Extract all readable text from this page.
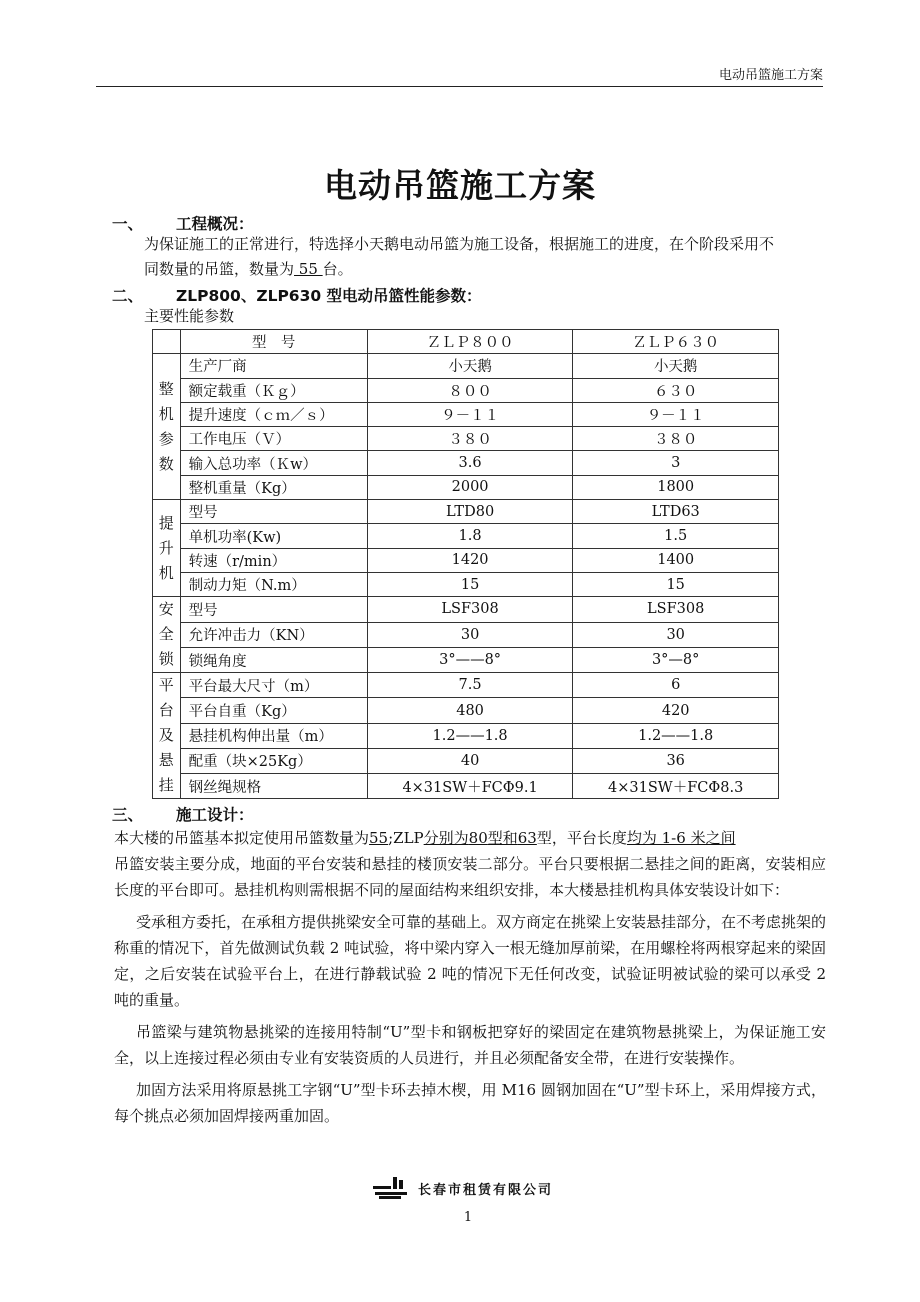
电动吊篮施工方案
电动吊篮施工方案
一、 工程概况：
为保证施工的正常进行，特选择小天鹅电动吊篮为施工设备，根据施工的进度，在个阶段采用不
同数量的吊篮，数量为 55 台。
二、 ZLP800、ZLP630 型电动吊篮性能参数：
主要性能参数
	型　号	ＺＬＰ８００	ＺＬＰ６３０
整机参数	生产厂商	小天鹅	小天鹅
	额定载重（Ｋｇ）	８００	６３０
	提升速度（ｃｍ／ｓ）	９－１１	９－１１
	工作电压（Ｖ）	３８０	３８０
	输入总功率（Ｋw）	3.6	3
	整机重量（Kg）	2000	1800
提升机	型号	LTD80	LTD63
	单机功率(Kw)	1.8	1.5
	转速（r/min）	1420	1400
	制动力矩（N.m）	15	15
安全锁	型号	LSF308	LSF308
	允许冲击力（KN）	30	30
	锁绳角度	3°——8°	3°—8°
平台及悬挂	平台最大尺寸（m）	7.5	6
	平台自重（Kg）	480	420
	悬挂机构伸出量（m）	1.2——1.8	1.2——1.8
	配重（块×25Kg）	40	36
	钢丝绳规格	4×31SW＋FCΦ9.1	4×31SW＋FCΦ8.3
三、 施工设计：
本大楼的吊篮基本拟定使用吊篮数量为55;ZLP分别为80型和63型，平台长度均为 1-6 米之间
吊篮安装主要分成，地面的平台安装和悬挂的楼顶安装二部分。平台只要根据二悬挂之间的距离，安装相应长度的平台即可。悬挂机构则需根据不同的屋面结构来组织安排，本大楼悬挂机构具体安装设计如下：
受承租方委托，在承租方提供挑梁安全可靠的基础上。双方商定在挑梁上安装悬挂部分，在不考虑挑架的称重的情况下，首先做测试负载 2 吨试验，将中梁内穿入一根无缝加厚前梁，在用螺栓将两根穿起来的梁固定，之后安装在试验平台上，在进行静载试验 2 吨的情况下无任何改变，试验证明被试验的梁可以承受 2 吨的重量。
吊篮梁与建筑物悬挑梁的连接用特制“U”型卡和钢板把穿好的梁固定在建筑物悬挑梁上，为保证施工安全，以上连接过程必须由专业有安装资质的人员进行，并且必须配备安全带，在进行安装操作。
加固方法采用将原悬挑工字钢“U”型卡环去掉木楔，用 M16 圆钢加固在“U”型卡环上，采用焊接方式，每个挑点必须加固焊接两重加固。
长春市租赁有限公司
1
